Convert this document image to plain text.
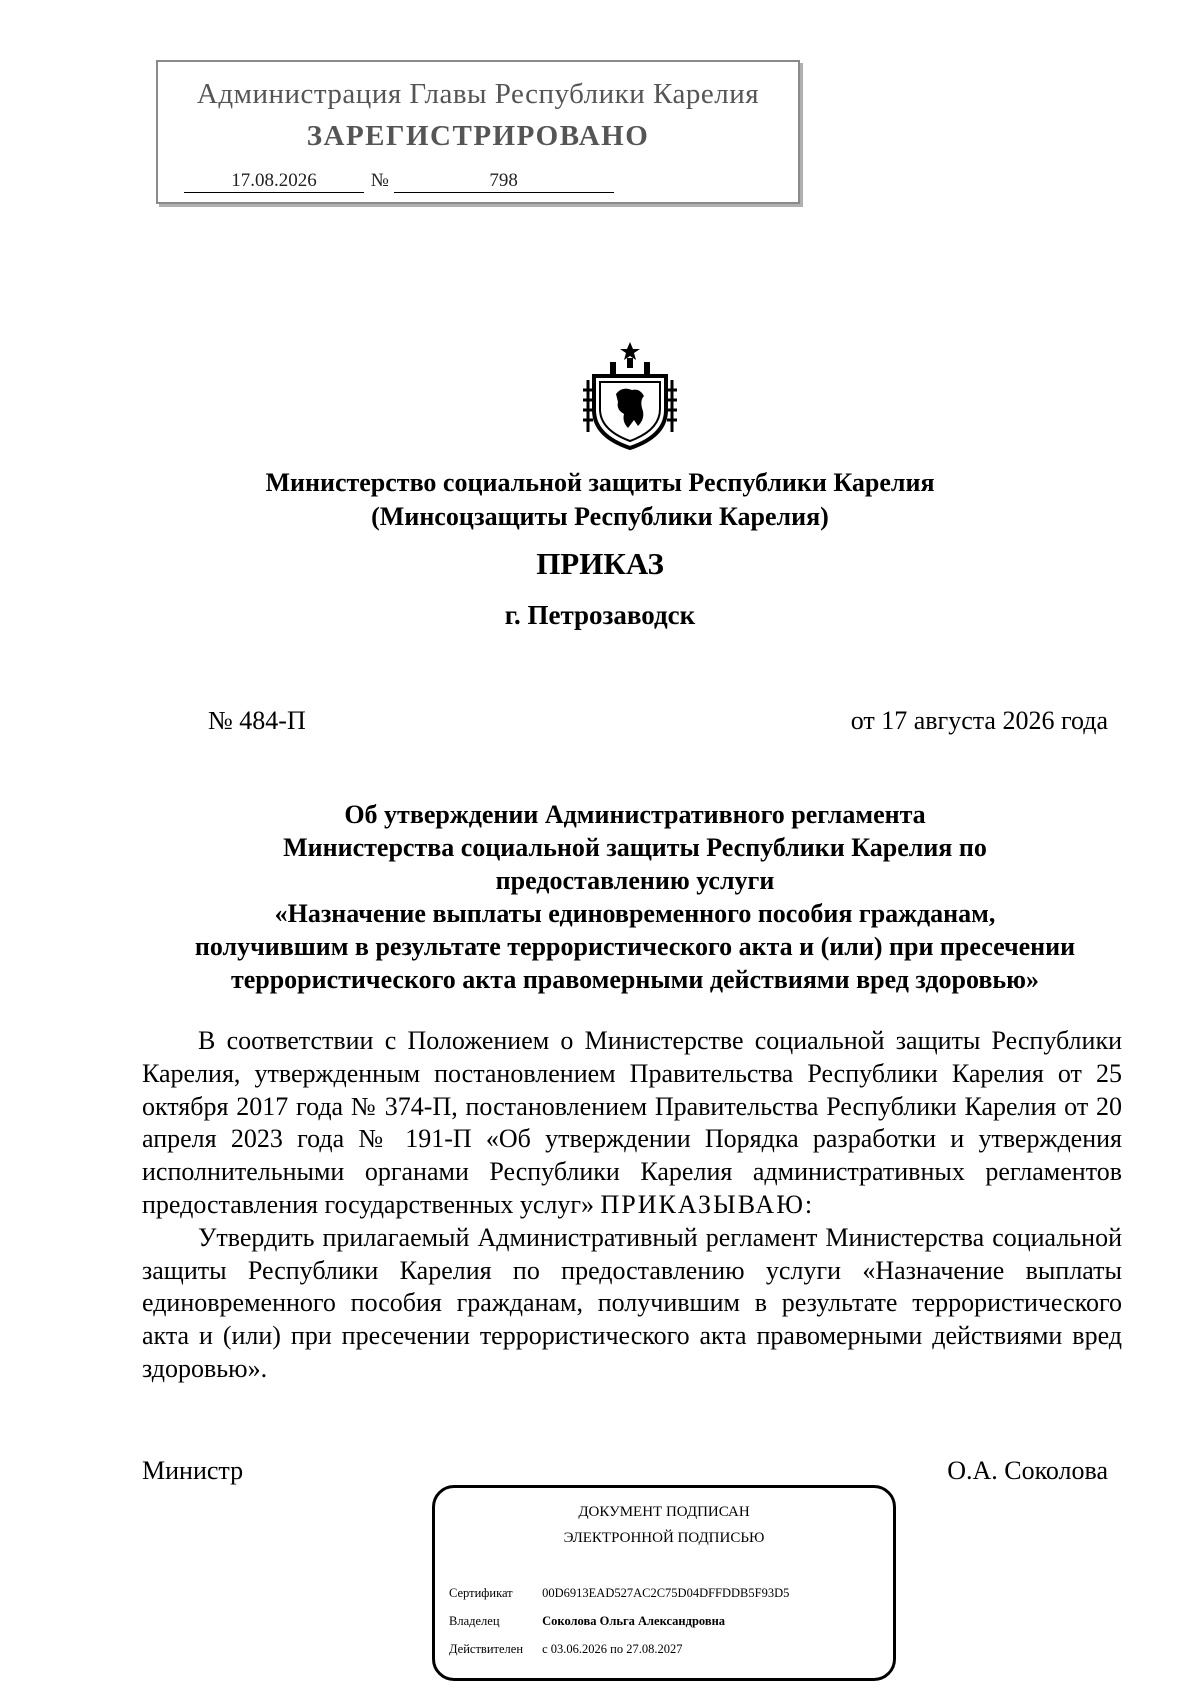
Администрация Главы Республики Карелия
ЗАРЕГИСТРИРОВАНО
17.08.2026	№	798
Министерство социальной защиты Республики Карелия
(Минсоцзащиты Республики Карелия)
ПРИКАЗ
г. Петрозаводск
№ 484-П	от 17 августа 2026 года
Об утверждении Административного регламента
Министерства социальной защиты Республики Карелия по
предоставлению услуги
«Назначение выплаты единовременного пособия гражданам,
получившим в результате террористического акта и (или) при пресечении
террористического акта правомерными действиями вред здоровью»

В соответствии с Положением о Министерстве социальной защиты Республики Карелия, утвержденным постановлением Правительства Республики Карелия от 25 октября 2017 года № 374-П, постановлением Правительства Республики Карелия от 20 апреля 2023 года № 191-П «Об утверждении Порядка разработки и утверждения исполнительными органами Республики Карелия административных регламентов предоставления государственных услуг» ПРИКАЗЫВАЮ:

Утвердить прилагаемый Административный регламент Министерства социальной защиты Республики Карелия по предоставлению услуги «Назначение выплаты единовременного пособия гражданам, получившим в результате террористического акта и (или) при пресечении террористического акта правомерными действиями вред здоровью».

Министр	О.А. Соколова
ДОКУМЕНТ ПОДПИСАН
ЭЛЕКТРОННОЙ ПОДПИСЬЮ
Сертификат 00D6913EAD527AC2C75D04DFFDDB5F93D5
Владелец	Соколова Ольга Александровна
Действителен с 03.06.2026 по 27.08.2027
